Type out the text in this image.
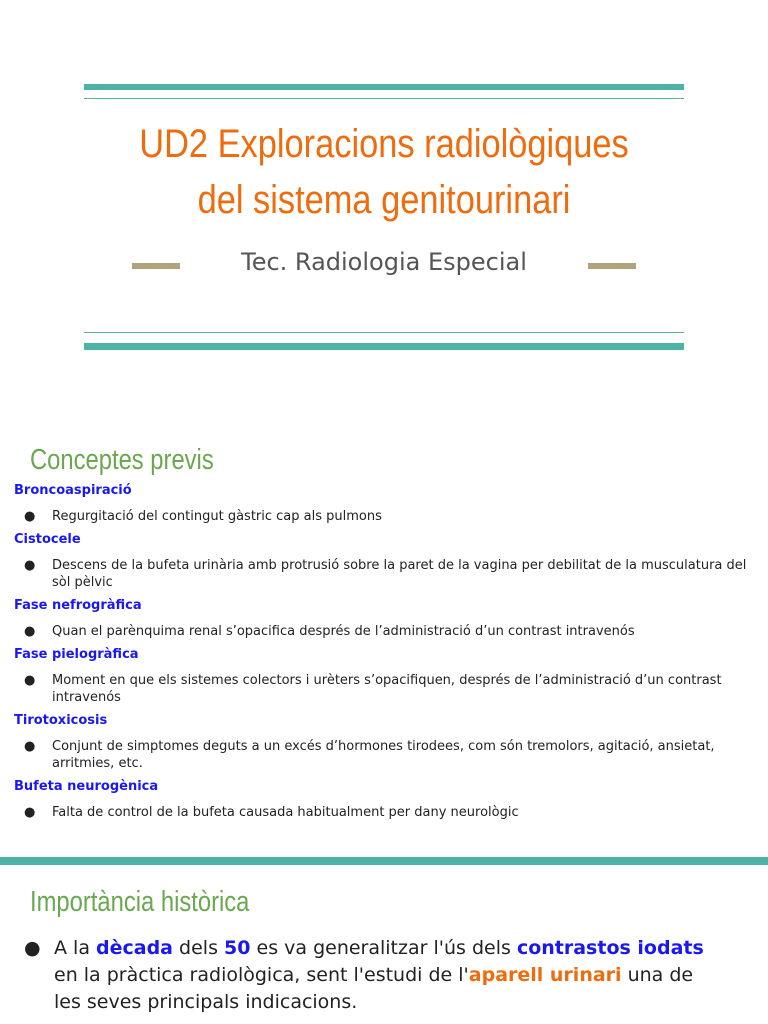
UD2 Exploracions radiològiques
del sistema genitourinari
Tec. Radiologia Especial
Conceptes previs
Broncoaspiració
● Regurgitació del contingut gàstric cap als pulmons
Cistocele
● Descens de la bufeta urinària amb protrusió sobre la paret de la vagina per debilitat de la musculatura del sòl pèlvic
Fase nefrogràfica
● Quan el parènquima renal s’opacifica després de l’administració d’un contrast intravenós
Fase pielogràfica
● Moment en que els sistemes colectors i urèters s’opacifiquen, després de l’administració d’un contrast intravenós
Tirotoxicosis
● Conjunt de simptomes deguts a un excés d’hormones tirodees, com són tremolors, agitació, ansietat, arritmies, etc.
Bufeta neurogènica
● Falta de control de la bufeta causada habitualment per dany neurològic
Importància històrica
● A la dècada dels 50 es va generalitzar l'ús dels contrastos iodats en la pràctica radiològica, sent l'estudi de l'aparell urinari una de les seves principals indicacions.
